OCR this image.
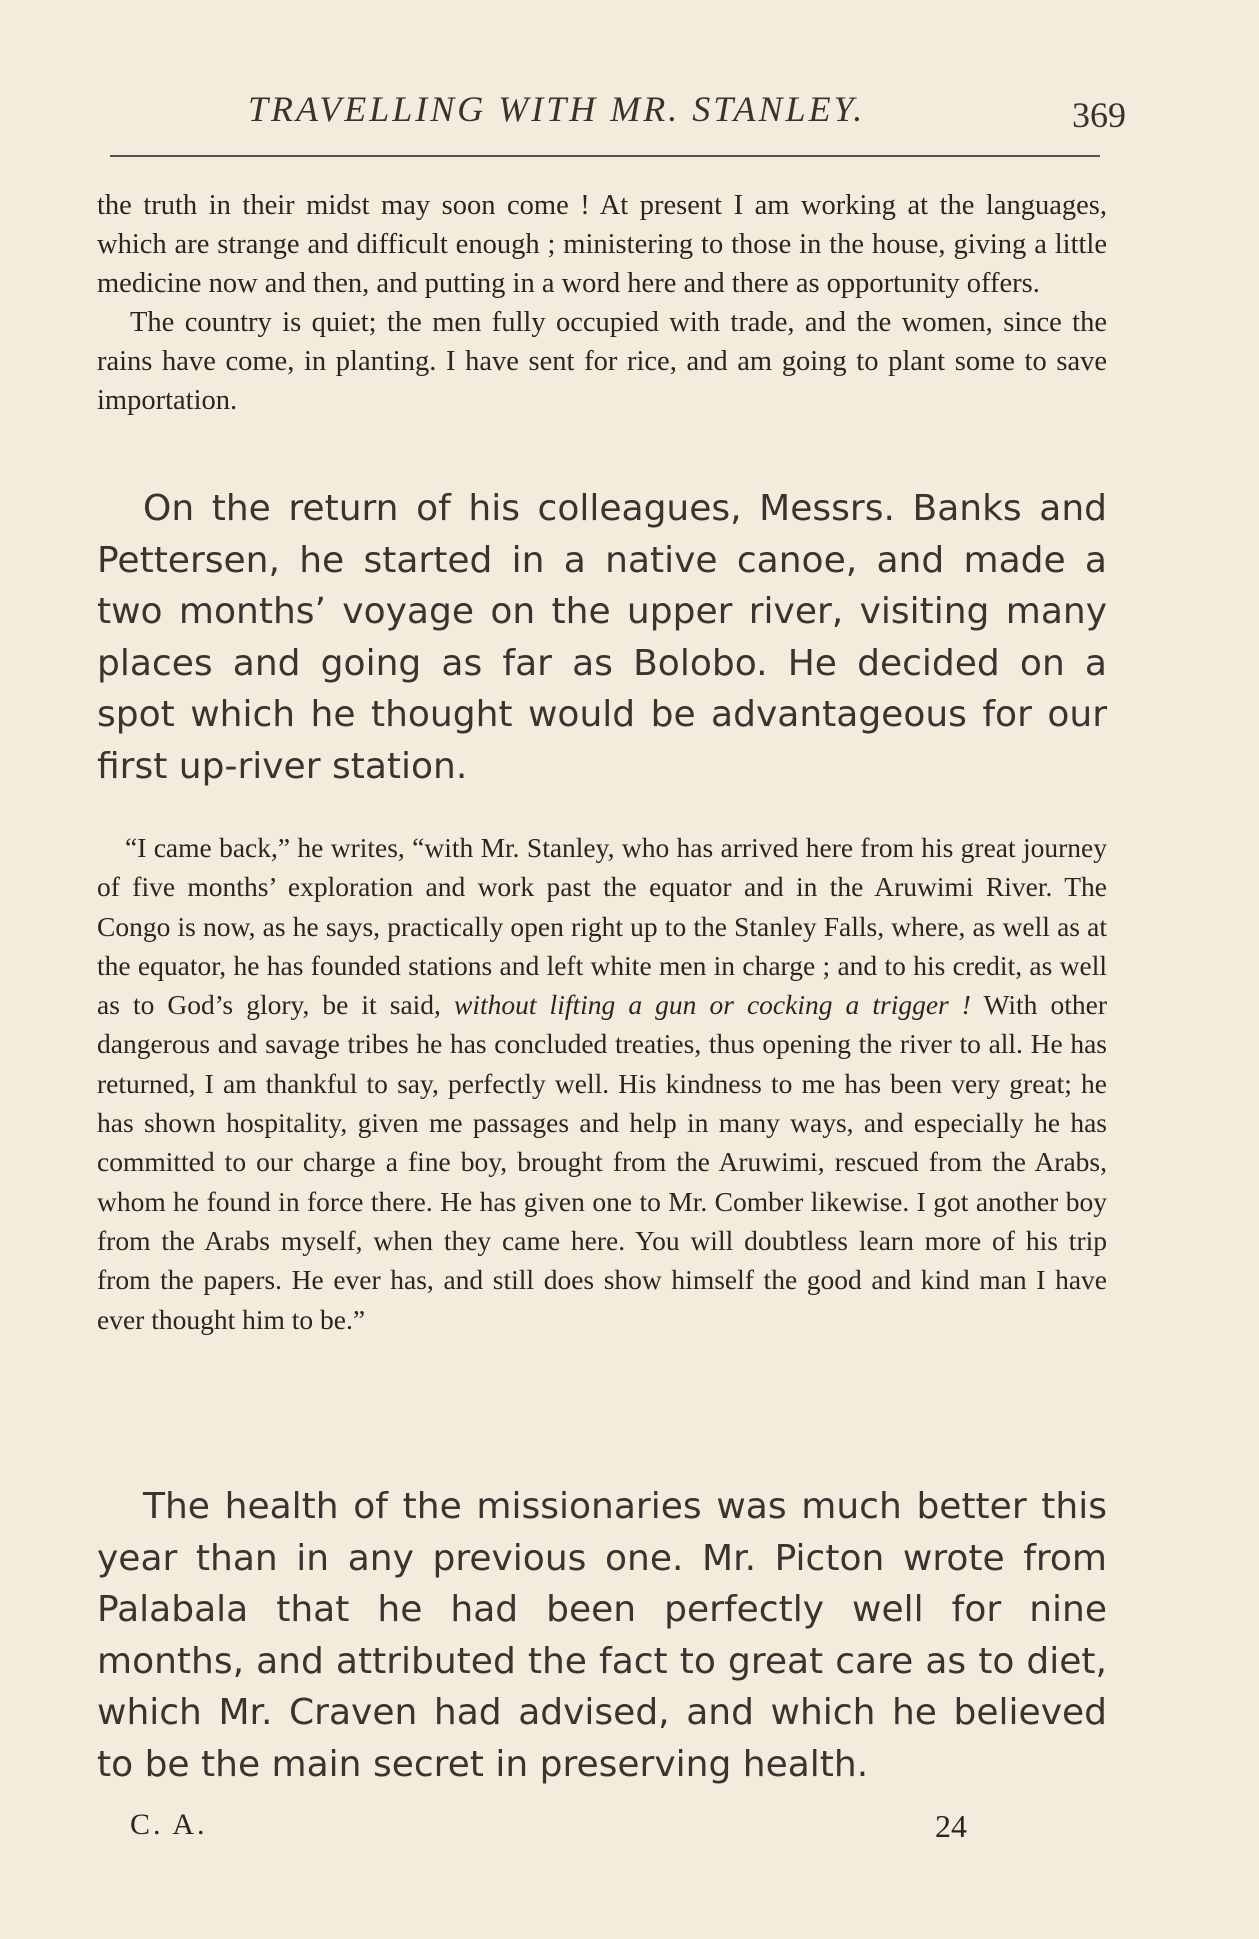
TRAVELLING WITH MR. STANLEY.	369

the truth in their midst may soon come ! At present I am working at the languages, which are strange and difficult enough ; ministering to those in the house, giving a little medicine now and then, and putting in a word here and there as opportunity offers.

The country is quiet; the men fully occupied with trade, and the women, since the rains have come, in planting. I have sent for rice, and am going to plant some to save importation.

On the return of his colleagues, Messrs. Banks and Pettersen, he started in a native canoe, and made a two months’ voyage on the upper river, visiting many places and going as far as Bolobo. He decided on a spot which he thought would be advantageous for our first up-river station.

“I came back,” he writes, “with Mr. Stanley, who has arrived here from his great journey of five months’ exploration and work past the equator and in the Aruwimi River. The Congo is now, as he says, practically open right up to the Stanley Falls, where, as well as at the equator, he has founded stations and left white men in charge ; and to his credit, as well as to God’s glory, be it said, without lifting a gun or cocking a trigger ! With other dangerous and savage tribes he has concluded treaties, thus opening the river to all. He has returned, I am thankful to say, perfectly well. His kindness to me has been very great; he has shown hospitality, given me passages and help in many ways, and especially he has committed to our charge a fine boy, brought from the Aruwimi, rescued from the Arabs, whom he found in force there. He has given one to Mr. Comber likewise. I got another boy from the Arabs myself, when they came here. You will doubtless learn more of his trip from the papers. He ever has, and still does show himself the good and kind man I have ever thought him to be.”

The health of the missionaries was much better this year than in any previous one. Mr. Picton wrote from Palabala that he had been perfectly well for nine months, and attributed the fact to great care as to diet, which Mr. Craven had advised, and which he believed to be the main secret in preserving health.

C. A.	24
